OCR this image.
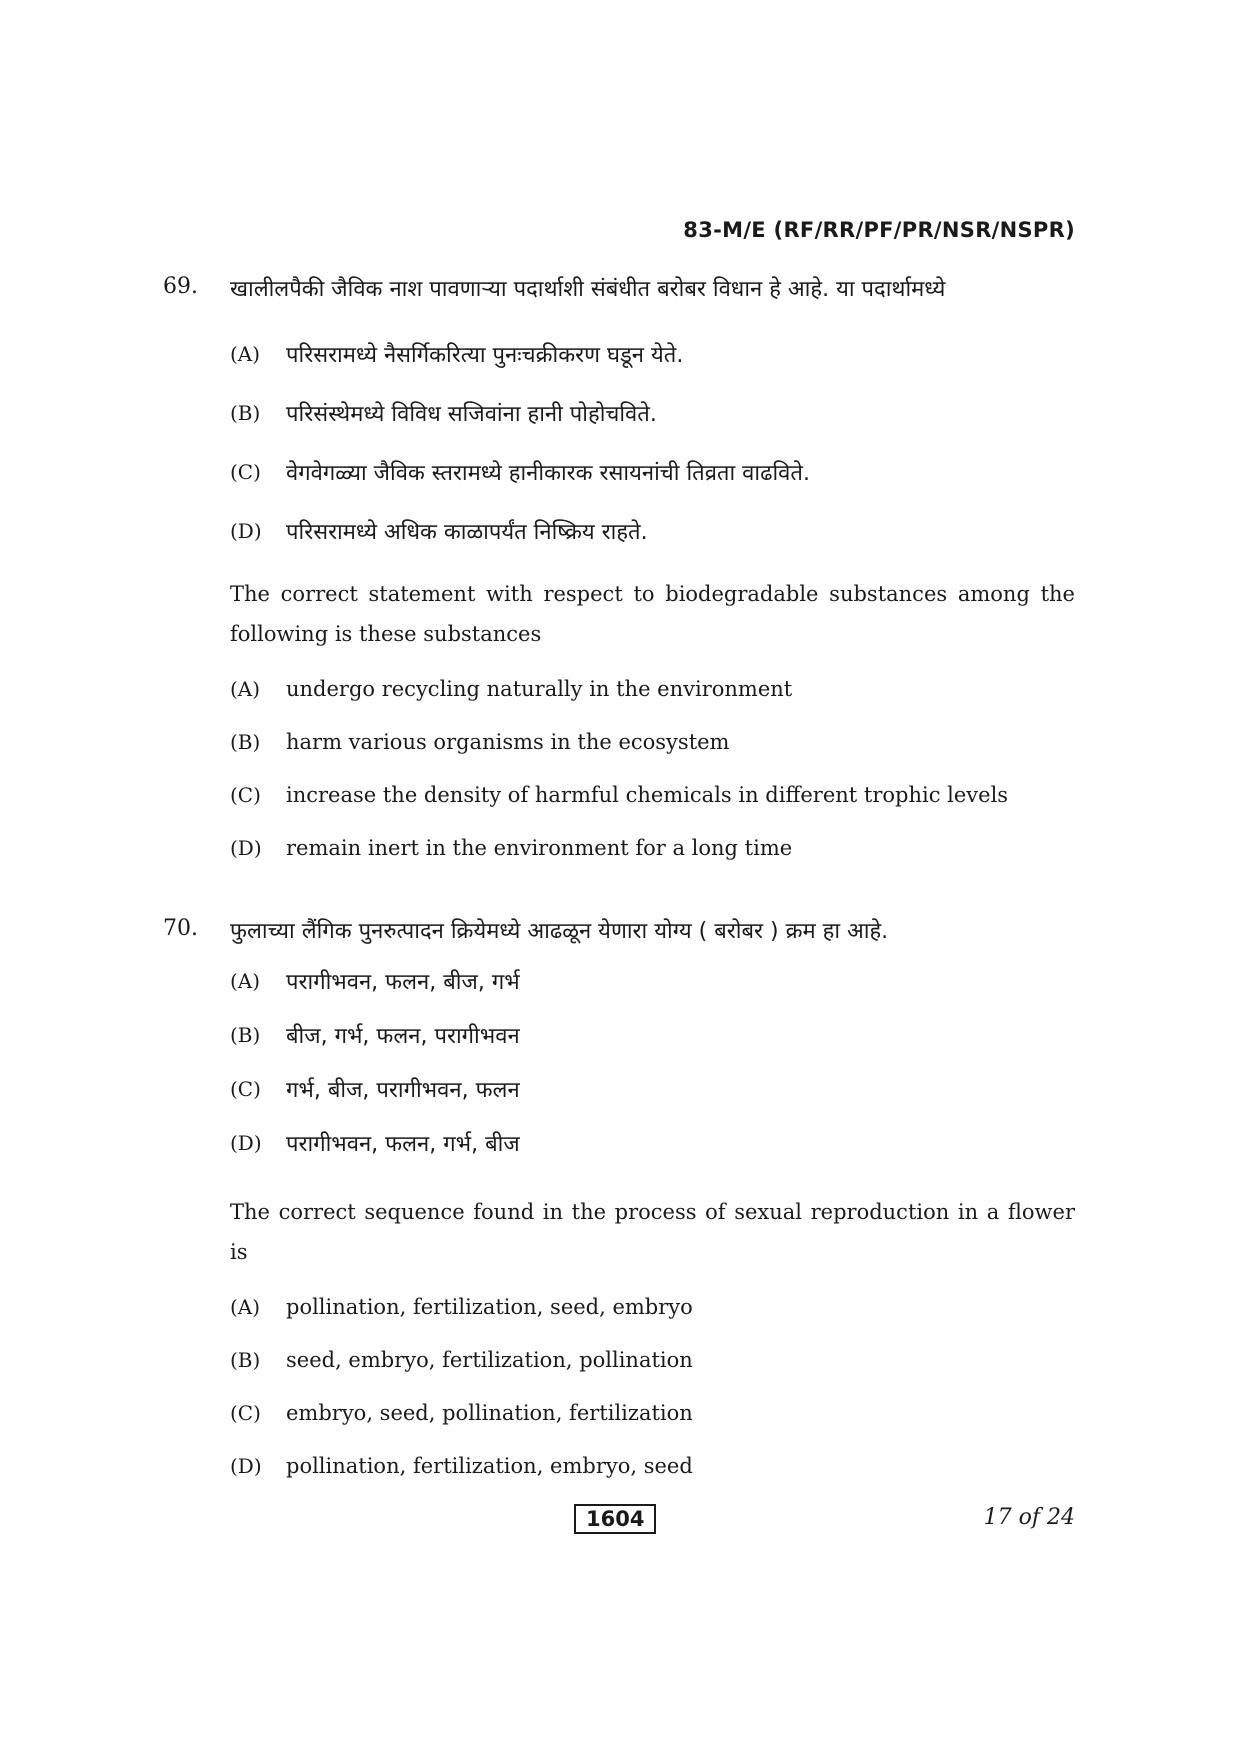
83-M/E (RF/RR/PF/PR/NSR/NSPR)
69. खालीलपैकी जैविक नाश पावणाऱ्या पदार्थाशी संबंधीत बरोबर विधान हे आहे. या पदार्थामध्ये
(A)	परिसरामध्ये नैसर्गिकरित्या पुनःचक्रीकरण घडून येते.
(B)	परिसंस्थेमध्ये विविध सजिवांना हानी पोहोचविते.
(C)	वेगवेगळ्या जैविक स्तरामध्ये हानीकारक रसायनांची तिव्रता वाढविते.
(D)	परिसरामध्ये अधिक काळापर्यंत निष्क्रिय राहते.
The correct statement with respect to biodegradable substances among the following is these substances
(A)	undergo recycling naturally in the environment
(B)	harm various organisms in the ecosystem
(C)	increase the density of harmful chemicals in different trophic levels
(D)	remain inert in the environment for a long time
70. फुलाच्या लैंगिक पुनरुत्पादन क्रियेमध्ये आढळून येणारा योग्य ( बरोबर ) क्रम हा आहे.
(A)	परागीभवन, फलन, बीज, गर्भ
(B)	बीज, गर्भ, फलन, परागीभवन
(C)	गर्भ, बीज, परागीभवन, फलन
(D)	परागीभवन, फलन, गर्भ, बीज
The correct sequence found in the process of sexual reproduction in a flower is
(A)	pollination, fertilization, seed, embryo
(B)	seed, embryo, fertilization, pollination
(C)	embryo, seed, pollination, fertilization
(D)	pollination, fertilization, embryo, seed
1604	17 of 24
